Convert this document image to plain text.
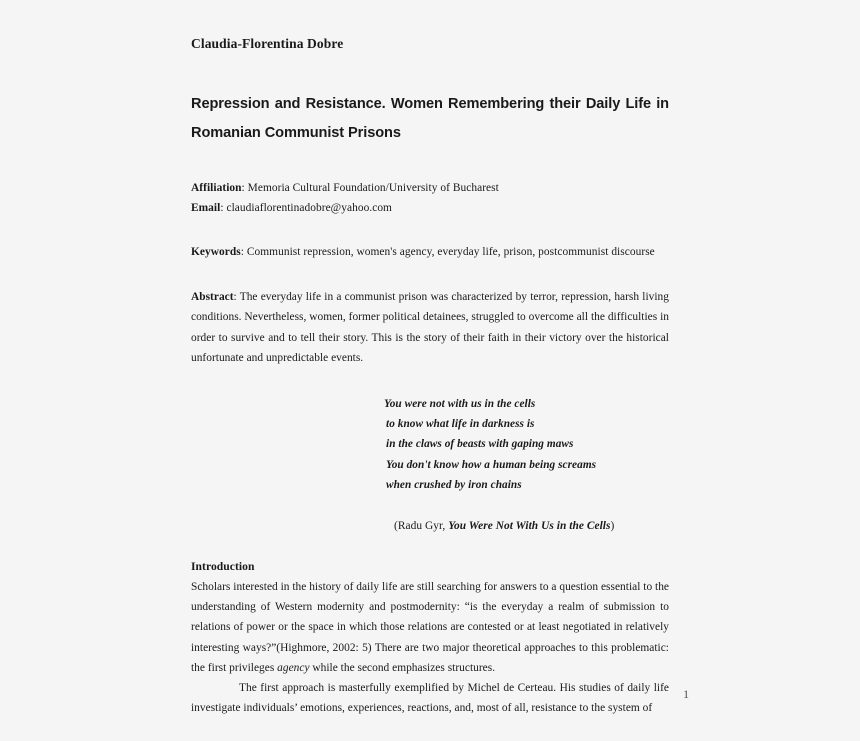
Claudia-Florentina Dobre
Repression and Resistance. Women Remembering their Daily Life in Romanian Communist Prisons
Affiliation: Memoria Cultural Foundation/University of Bucharest
Email: claudiaflorentinadobre@yahoo.com
Keywords: Communist repression, women's agency, everyday life, prison, postcommunist discourse
Abstract: The everyday life in a communist prison was characterized by terror, repression, harsh living conditions. Nevertheless, women, former political detainees, struggled to overcome all the difficulties in order to survive and to tell their story. This is the story of their faith in their victory over the historical unfortunate and unpredictable events.
You were not with us in the cells
to know what life in darkness is
in the claws of beasts with gaping maws
You don't know how a human being screams
when crushed by iron chains
(Radu Gyr, You Were Not With Us in the Cells)
Introduction
Scholars interested in the history of daily life are still searching for answers to a question essential to the understanding of Western modernity and postmodernity: “is the everyday a realm of submission to relations of power or the space in which those relations are contested or at least negotiated in relatively interesting ways?”(Highmore, 2002: 5) There are two major theoretical approaches to this problematic: the first privileges agency while the second emphasizes structures.
The first approach is masterfully exemplified by Michel de Certeau. His studies of daily life investigate individuals’ emotions, experiences, reactions, and, most of all, resistance to the system of
1
